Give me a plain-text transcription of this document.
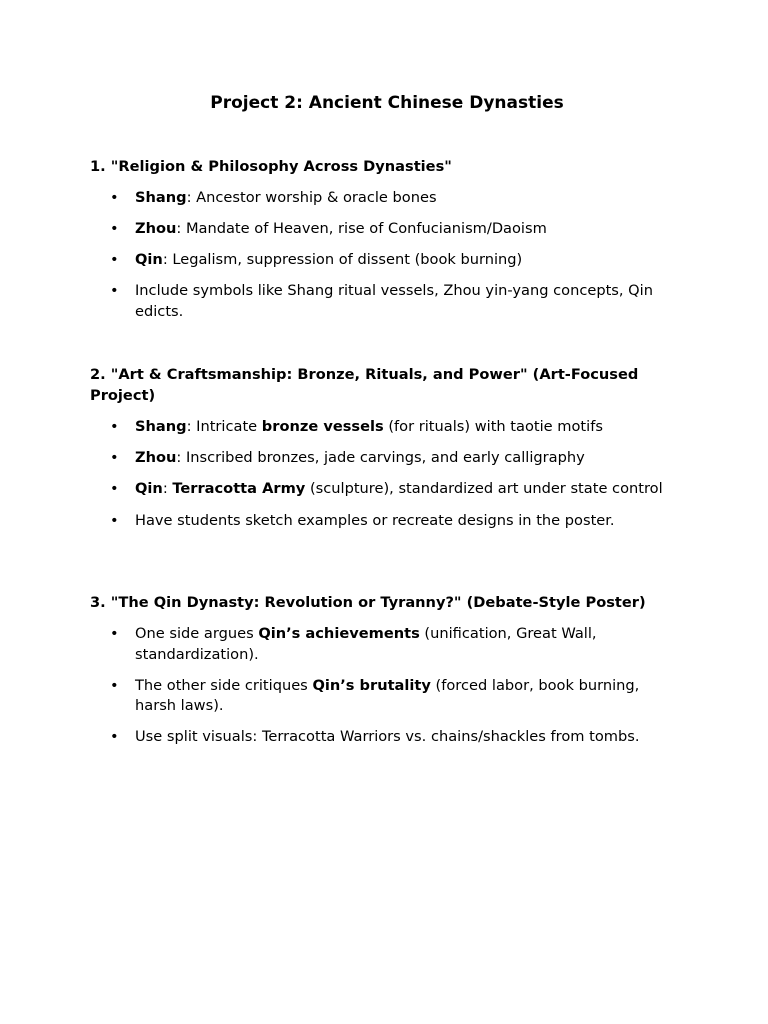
Project 2: Ancient Chinese Dynasties

1. "Religion & Philosophy Across Dynasties"

• Shang: Ancestor worship & oracle bones
• Zhou: Mandate of Heaven, rise of Confucianism/Daoism
• Qin: Legalism, suppression of dissent (book burning)
• Include symbols like Shang ritual vessels, Zhou yin-yang concepts, Qin edicts.

2. "Art & Craftsmanship: Bronze, Rituals, and Power" (Art-Focused Project)

• Shang: Intricate bronze vessels (for rituals) with taotie motifs
• Zhou: Inscribed bronzes, jade carvings, and early calligraphy
• Qin: Terracotta Army (sculpture), standardized art under state control
• Have students sketch examples or recreate designs in the poster.

3. "The Qin Dynasty: Revolution or Tyranny?" (Debate-Style Poster)

• One side argues Qin’s achievements (unification, Great Wall, standardization).
• The other side critiques Qin’s brutality (forced labor, book burning, harsh laws).
• Use split visuals: Terracotta Warriors vs. chains/shackles from tombs.
